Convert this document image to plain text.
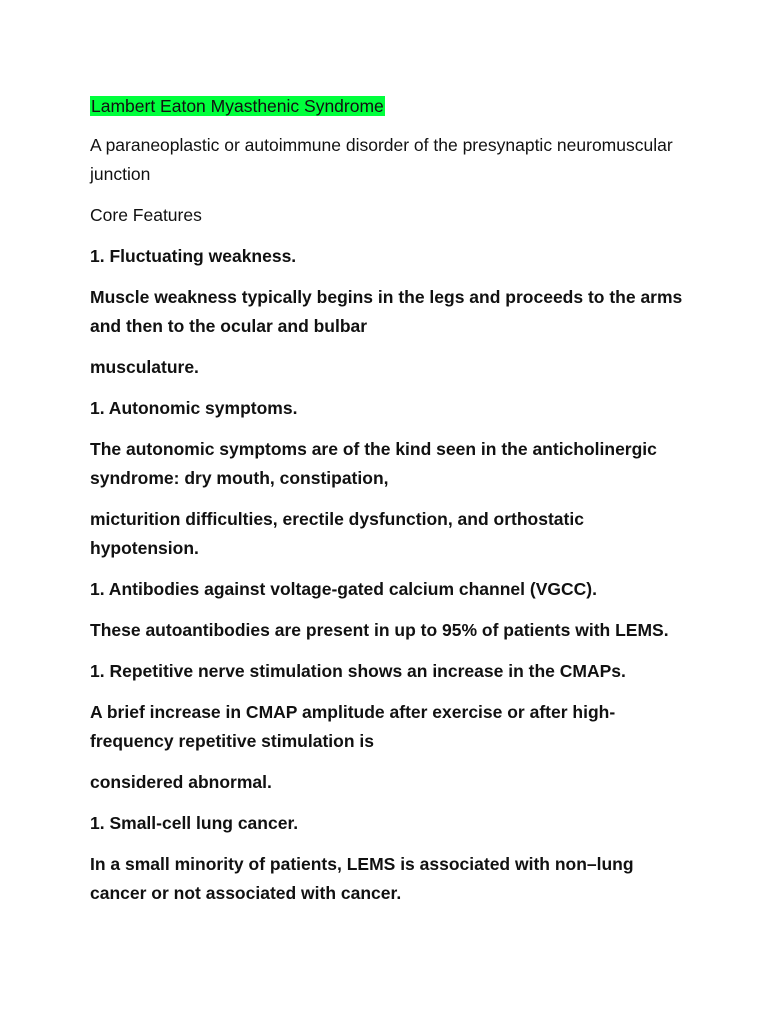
Lambert Eaton Myasthenic Syndrome

A paraneoplastic or autoimmune disorder of the presynaptic neuromuscular junction

Core Features

1. Fluctuating weakness.

Muscle weakness typically begins in the legs and proceeds to the arms and then to the ocular and bulbar

musculature.

1. Autonomic symptoms.

The autonomic symptoms are of the kind seen in the anticholinergic syndrome: dry mouth, constipation,

micturition difficulties, erectile dysfunction, and orthostatic hypotension.

1. Antibodies against voltage-gated calcium channel (VGCC).

These autoantibodies are present in up to 95% of patients with LEMS.

1. Repetitive nerve stimulation shows an increase in the CMAPs.

A brief increase in CMAP amplitude after exercise or after high-frequency repetitive stimulation is

considered abnormal.

1. Small-cell lung cancer.

In a small minority of patients, LEMS is associated with non–lung cancer or not associated with cancer.
